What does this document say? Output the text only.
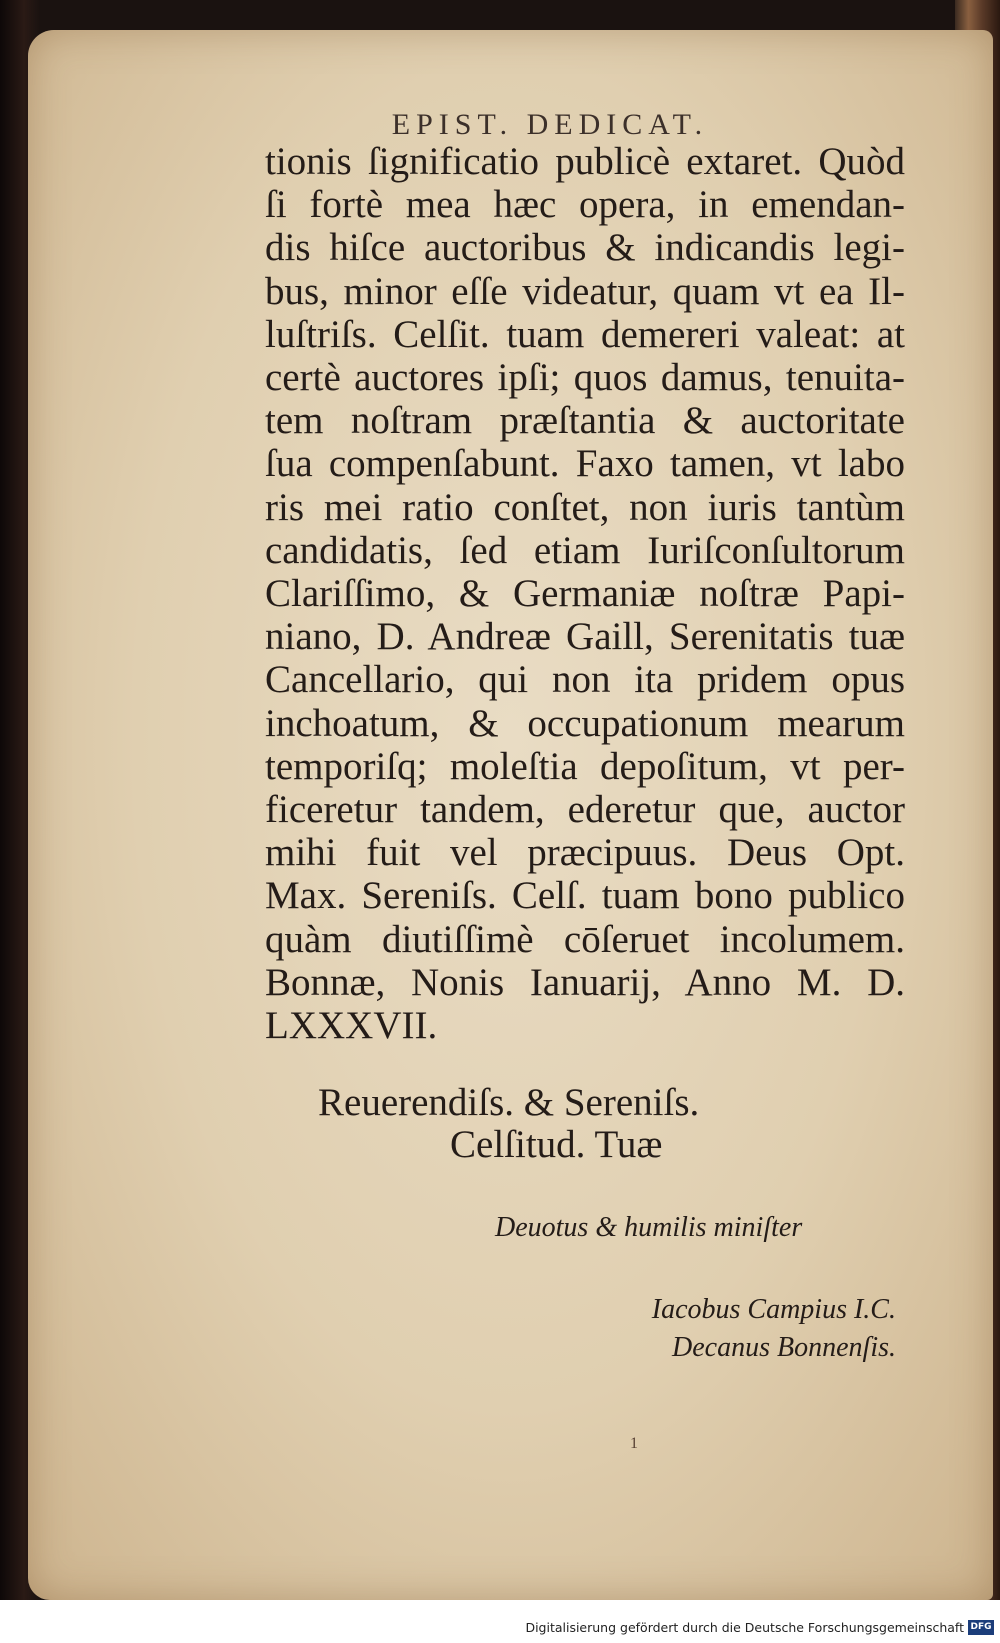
EPIST. DEDICAT.
tionis ſignificatio publicè extaret. Quòd
ſi fortè mea hæc opera, in emendan-
dis hiſce auctoribus & indicandis legi-
bus, minor eſſe videatur, quam vt ea Il-
luſtriſs. Celſit. tuam demereri valeat: at
certè auctores ipſi; quos damus, tenuita-
tem noſtram præſtantia & auctoritate
ſua compenſabunt. Faxo tamen, vt labo
ris mei ratio conſtet, non iuris tantùm
candidatis, ſed etiam Iuriſconſultorum
Clariſſimo, & Germaniæ noſtræ Papi-
niano, D. Andreæ Gaill, Serenitatis tuæ
Cancellario, qui non ita pridem opus
inchoatum, & occupationum mearum
temporiſq; moleſtia depoſitum, vt per-
ficeretur tandem, ederetur que, auctor
mihi fuit vel præcipuus. Deus Opt.
Max. Sereniſs. Celſ. tuam bono publico
quàm diutiſſimè cōſeruet incolumem.
Bonnæ, Nonis Ianuarij, Anno M. D.
LXXXVII.
Reuerendiſs. & Sereniſs.
Celſitud. Tuæ
Deuotus & humilis miniſter
Iacobus Campius I.C.
Decanus Bonnenſis.
1
Digitalisierung gefördert durch die Deutsche Forschungsgemeinschaft DFG
